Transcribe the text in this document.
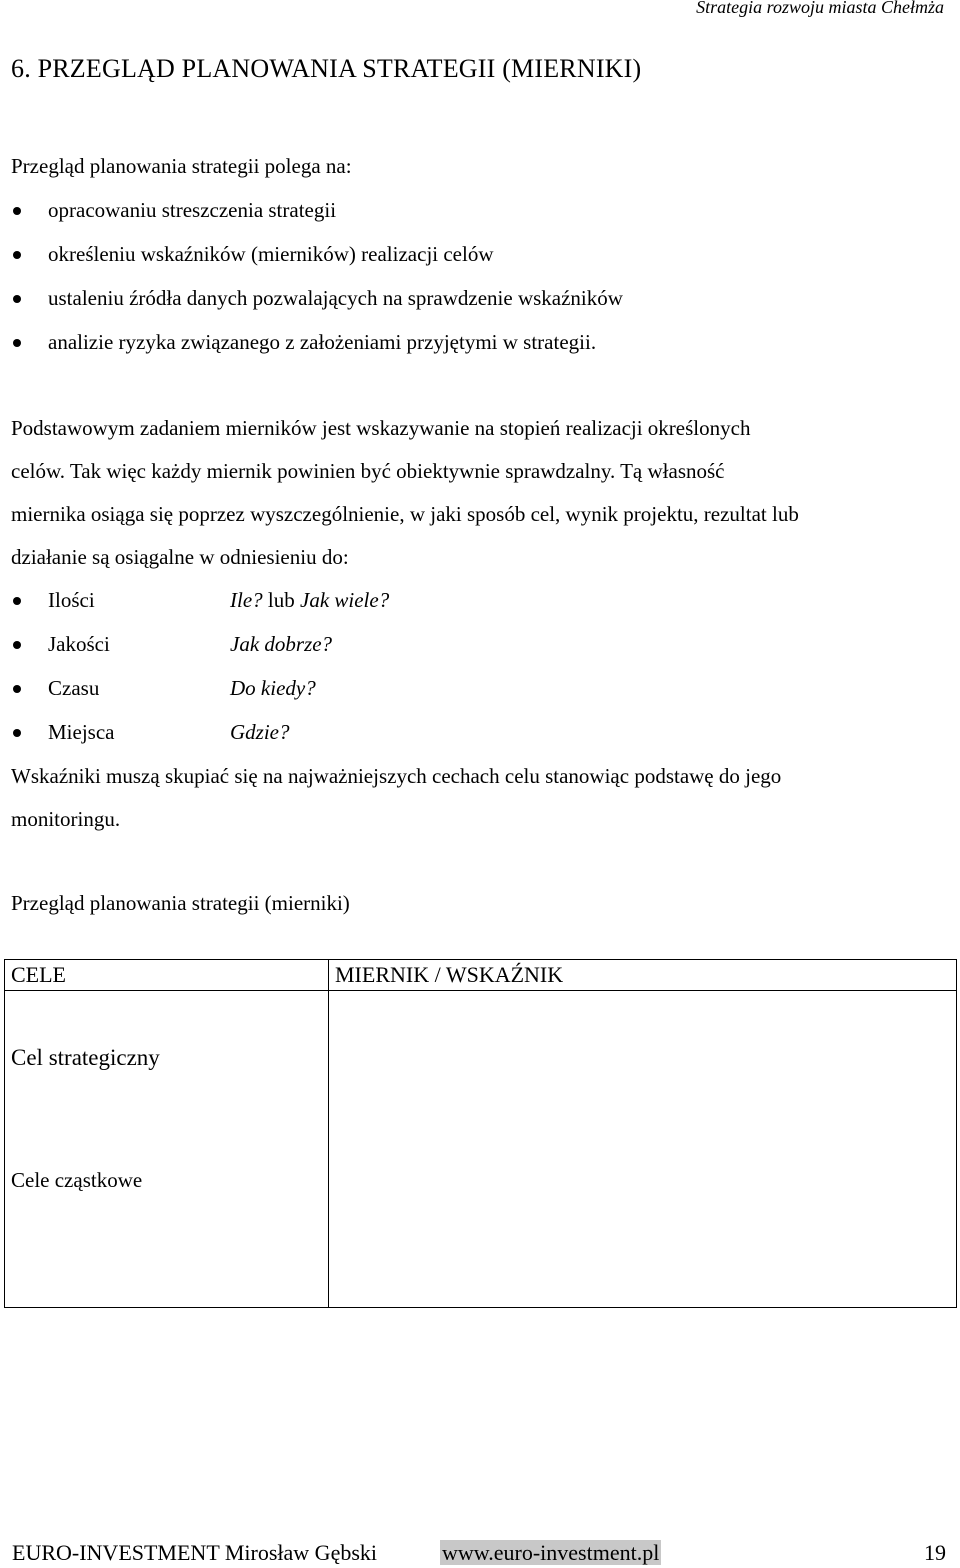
Strategia rozwoju miasta Chełmża
6. PRZEGLĄD PLANOWANIA STRATEGII (MIERNIKI)
Przegląd planowania strategii polega na:
opracowaniu streszczenia strategii
określeniu wskaźników (mierników) realizacji celów
ustaleniu źródła danych pozwalających na sprawdzenie wskaźników
analizie ryzyka związanego z założeniami przyjętymi w strategii.
Podstawowym zadaniem mierników jest wskazywanie na stopień realizacji określonych
celów. Tak więc każdy miernik powinien być obiektywnie sprawdzalny. Tą własność
miernika osiąga się poprzez wyszczególnienie, w jaki sposób cel, wynik projektu, rezultat lub
działanie są osiągalne w odniesieniu do:
Ilości	Ile? lub Jak wiele?
Jakości	Jak dobrze?
Czasu	Do kiedy?
Miejsca	Gdzie?
Wskaźniki muszą skupiać się na najważniejszych cechach celu stanowiąc podstawę do jego
monitoringu.
Przegląd planowania strategii (mierniki)
CELE	MIERNIK / WSKAŹNIK

Cel strategiczny
Cele cząstkowe	

EURO-INVESTMENT Mirosław Gębski	www.euro-investment.pl	19
